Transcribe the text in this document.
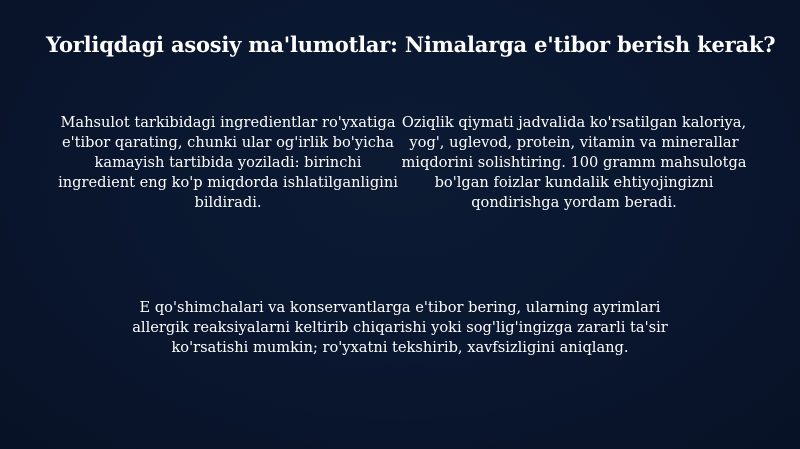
Yorliqdagi asosiy ma'lumotlar: Nimalarga e'tibor berish kerak?

Mahsulot tarkibidagi ingredientlar ro'yxatiga e'tibor qarating, chunki ular og'irlik bo'yicha kamayish tartibida yoziladi: birinchi ingredient eng ko'p miqdorda ishlatilganligini bildiradi.

Oziqlik qiymati jadvalida ko'rsatilgan kaloriya, yog', uglevod, protein, vitamin va minerallar miqdorini solishtiring. 100 gramm mahsulotga bo'lgan foizlar kundalik ehtiyojingizni qondirishga yordam beradi.

E qo'shimchalari va konservantlarga e'tibor bering, ularning ayrimlari allergik reaksiyalarni keltirib chiqarishi yoki sog'lig'ingizga zararli ta'sir ko'rsatishi mumkin; ro'yxatni tekshirib, xavfsizligini aniqlang.
